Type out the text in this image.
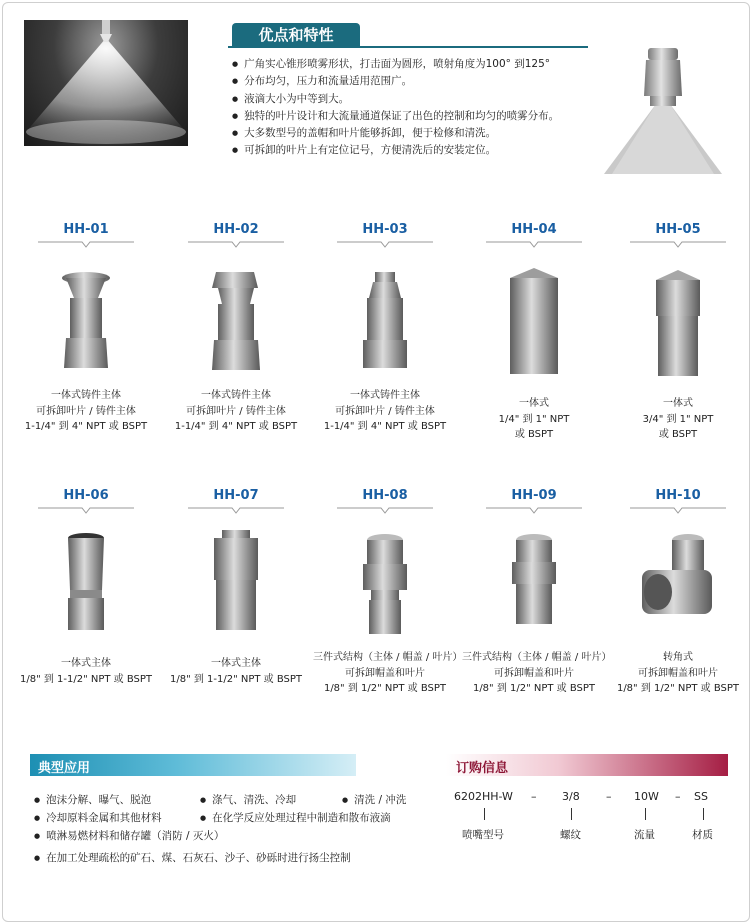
优点和特性
● 广角实心锥形喷雾形状，打击面为圆形，喷射角度为100° 到125°
● 分布均匀，压力和流量适用范围广。
● 液滴大小为中等到大。
● 独特的叶片设计和大流量通道保证了出色的控制和均匀的喷雾分布。
● 大多数型号的盖帽和叶片能够拆卸，便于检修和清洗。
● 可拆卸的叶片上有定位记号，方便清洗后的安装定位。
HH-01
一体式铸件主体
可拆卸叶片 / 铸件主体
1-1/4" 到 4" NPT 或 BSPT
HH-02
一体式铸件主体
可拆卸叶片 / 铸件主体
1-1/4" 到 4" NPT 或 BSPT
HH-03
一体式铸件主体
可拆卸叶片 / 铸件主体
1-1/4" 到 4" NPT 或 BSPT
HH-04
一体式
1/4" 到 1" NPT
或 BSPT
HH-05
一体式
3/4" 到 1" NPT
或 BSPT
HH-06
一体式主体
1/8" 到 1-1/2" NPT 或 BSPT
HH-07
一体式主体
1/8" 到 1-1/2" NPT 或 BSPT
HH-08
三件式结构（主体 / 帽盖 / 叶片）
可拆卸帽盖和叶片
1/8" 到 1/2" NPT 或 BSPT
HH-09
三件式结构（主体 / 帽盖 / 叶片）
可拆卸帽盖和叶片
1/8" 到 1/2" NPT 或 BSPT
HH-10
转角式
可拆卸帽盖和叶片
1/8" 到 1/2" NPT 或 BSPT
典型应用
● 泡沫分解、曝气、脱泡	● 涤气、清洗、冷却	● 清洗 / 冲洗
● 冷却原料金属和其他材料	● 在化学反应处理过程中制造和散布液滴
● 喷淋易燃材料和储存罐（消防 / 灭火）
● 在加工处理疏松的矿石、煤、石灰石、沙子、砂砾时进行扬尘控制
订购信息
6202HH-W – 3/8 – 10W – SS
喷嘴型号	螺纹	流量	材质
